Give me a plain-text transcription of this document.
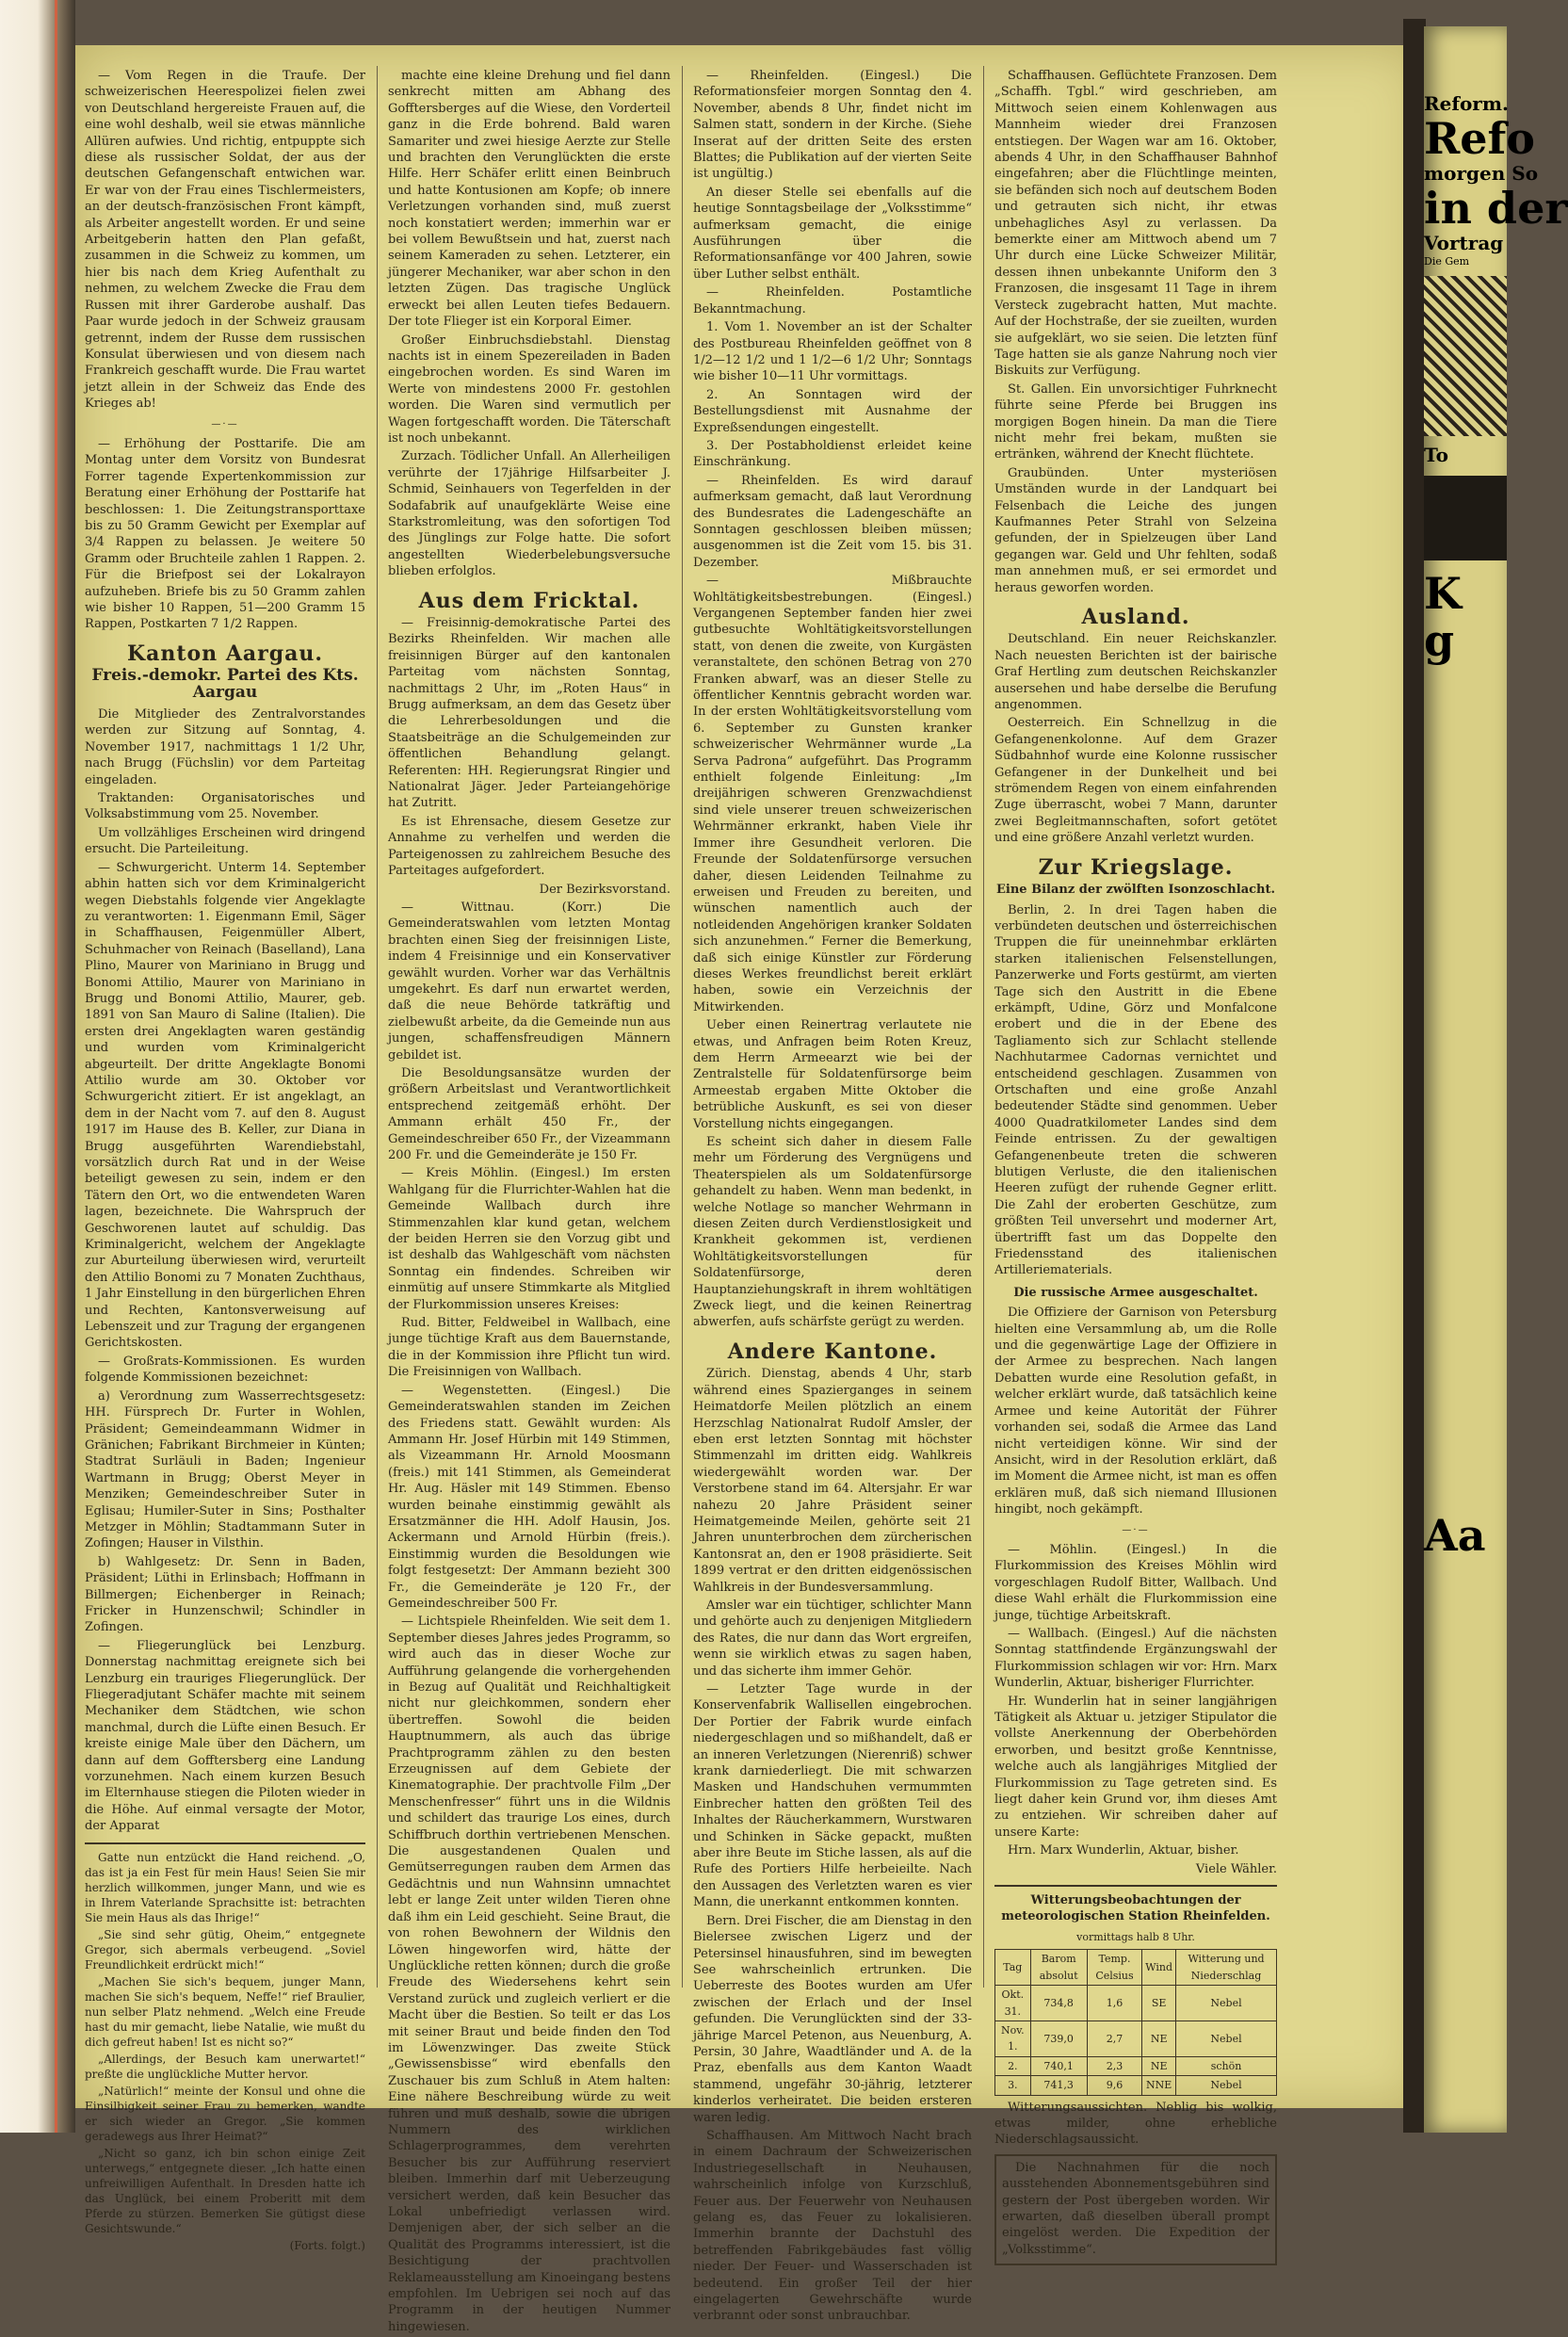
— Vom Regen in die Traufe. Der schweizerischen Heerespolizei fielen zwei von Deutschland hergereiste Frauen auf, die eine wohl deshalb, weil sie etwas männliche Allüren aufwies. Und richtig, entpuppte sich diese als russischer Soldat, der aus der deutschen Gefangenschaft entwichen war. Er war von der Frau eines Tischlermeisters, an der deutsch-französischen Front kämpft, als Arbeiter angestellt worden. Er und seine Arbeitgeberin hatten den Plan gefaßt, zusammen in die Schweiz zu kommen, um hier bis nach dem Krieg Aufenthalt zu nehmen, zu welchem Zwecke die Frau dem Russen mit ihrer Garderobe aushalf. Das Paar wurde jedoch in der Schweiz grausam getrennt, indem der Russe dem russischen Konsulat überwiesen und von diesem nach Frankreich geschafft wurde. Die Frau wartet jetzt allein in der Schweiz das Ende des Krieges ab!

—·—

— Erhöhung der Posttarife. Die am Montag unter dem Vorsitz von Bundesrat Forrer tagende Expertenkommission zur Beratung einer Erhöhung der Posttarife hat beschlossen: 1. Die Zeitungstransporttaxe bis zu 50 Gramm Gewicht per Exemplar auf 3/4 Rappen zu belassen. Je weitere 50 Gramm oder Bruchteile zahlen 1 Rappen. 2. Für die Briefpost sei der Lokalrayon aufzuheben. Briefe bis zu 50 Gramm zahlen wie bisher 10 Rappen, 51—200 Gramm 15 Rappen, Postkarten 7 1/2 Rappen.

Kanton Aargau.
Freis.-demokr. Partei des Kts. Aargau

Die Mitglieder des Zentralvorstandes werden zur Sitzung auf Sonntag, 4. November 1917, nachmittags 1 1/2 Uhr, nach Brugg (Füchslin) vor dem Parteitag eingeladen.

Traktanden: Organisatorisches und Volksabstimmung vom 25. November.

Um vollzähliges Erscheinen wird dringend ersucht. Die Parteileitung.

— Schwurgericht. Unterm 14. September abhin hatten sich vor dem Kriminalgericht wegen Diebstahls folgende vier Angeklagte zu verantworten: 1. Eigenmann Emil, Säger in Schaffhausen, Feigenmüller Albert, Schuhmacher von Reinach (Baselland), Lana Plino, Maurer von Mariniano in Brugg und Bonomi Attilio, Maurer von Mariniano in Brugg und Bonomi Attilio, Maurer, geb. 1891 von San Mauro di Saline (Italien). Die ersten drei Angeklagten waren geständig und wurden vom Kriminalgericht abgeurteilt. Der dritte Angeklagte Bonomi Attilio wurde am 30. Oktober vor Schwurgericht zitiert. Er ist angeklagt, an dem in der Nacht vom 7. auf den 8. August 1917 im Hause des B. Keller, zur Diana in Brugg ausgeführten Warendiebstahl, vorsätzlich durch Rat und in der Weise beteiligt gewesen zu sein, indem er den Tätern den Ort, wo die entwendeten Waren lagen, bezeichnete. Die Wahrspruch der Geschworenen lautet auf schuldig. Das Kriminalgericht, welchem der Angeklagte zur Aburteilung überwiesen wird, verurteilt den Attilio Bonomi zu 7 Monaten Zuchthaus, 1 Jahr Einstellung in den bürgerlichen Ehren und Rechten, Kantonsverweisung auf Lebenszeit und zur Tragung der ergangenen Gerichtskosten.

— Großrats-Kommissionen. Es wurden folgende Kommissionen bezeichnet:

a) Verordnung zum Wasserrechtsgesetz: HH. Fürsprech Dr. Furter in Wohlen, Präsident; Gemeindeammann Widmer in Gränichen; Fabrikant Birchmeier in Künten; Stadtrat Surläuli in Baden; Ingenieur Wartmann in Brugg; Oberst Meyer in Menziken; Gemeindeschreiber Suter in Eglisau; Humiler-Suter in Sins; Posthalter Metzger in Möhlin; Stadtammann Suter in Zofingen; Hauser in Vilsthin.

b) Wahlgesetz: Dr. Senn in Baden, Präsident; Lüthi in Erlinsbach; Hoffmann in Billmergen; Eichenberger in Reinach; Fricker in Hunzenschwil; Schindler in Zofingen.

— Fliegerunglück bei Lenzburg. Donnerstag nachmittag ereignete sich bei Lenzburg ein trauriges Fliegerunglück. Der Fliegeradjutant Schäfer machte mit seinem Mechaniker dem Städtchen, wie schon manchmal, durch die Lüfte einen Besuch. Er kreiste einige Male über den Dächern, um dann auf dem Gofftersberg eine Landung vorzunehmen. Nach einem kurzen Besuch im Elternhause stiegen die Piloten wieder in die Höhe. Auf einmal versagte der Motor, der Apparat

Gatte nun entzückt die Hand reichend. „O, das ist ja ein Fest für mein Haus! Seien Sie mir herzlich willkommen, junger Mann, und wie es in Ihrem Vaterlande Sprachsitte ist: betrachten Sie mein Haus als das Ihrige!“

„Sie sind sehr gütig, Oheim,“ entgegnete Gregor, sich abermals verbeugend. „Soviel Freundlichkeit erdrückt mich!“

„Machen Sie sich's bequem, junger Mann, machen Sie sich's bequem, Neffe!“ rief Braulier, nun selber Platz nehmend. „Welch eine Freude hast du mir gemacht, liebe Natalie, wie mußt du dich gefreut haben! Ist es nicht so?“

„Allerdings, der Besuch kam unerwartet!“ preßte die unglückliche Mutter hervor.

„Natürlich!“ meinte der Konsul und ohne die Einsilbigkeit seiner Frau zu bemerken, wandte er sich wieder an Gregor. „Sie kommen geradewegs aus Ihrer Heimat?“

„Nicht so ganz, ich bin schon einige Zeit unterwegs,“ entgegnete dieser. „Ich hatte einen unfreiwilligen Aufenthalt. In Dresden hatte ich das Unglück, bei einem Proberitt mit dem Pferde zu stürzen. Bemerken Sie gütigst diese Gesichtswunde.“

(Forts. folgt.)

machte eine kleine Drehung und fiel dann senkrecht mitten am Abhang des Gofftersberges auf die Wiese, den Vorderteil ganz in die Erde bohrend. Bald waren Samariter und zwei hiesige Aerzte zur Stelle und brachten den Verunglückten die erste Hilfe. Herr Schäfer erlitt einen Beinbruch und hatte Kontusionen am Kopfe; ob innere Verletzungen vorhanden sind, muß zuerst noch konstatiert werden; immerhin war er bei vollem Bewußtsein und hat, zuerst nach seinem Kameraden zu sehen. Letzterer, ein jüngerer Mechaniker, war aber schon in den letzten Zügen. Das tragische Unglück erweckt bei allen Leuten tiefes Bedauern. Der tote Flieger ist ein Korporal Eimer.

Großer Einbruchsdiebstahl. Dienstag nachts ist in einem Spezereiladen in Baden eingebrochen worden. Es sind Waren im Werte von mindestens 2000 Fr. gestohlen worden. Die Waren sind vermutlich per Wagen fortgeschafft worden. Die Täterschaft ist noch unbekannt.

Zurzach. Tödlicher Unfall. An Allerheiligen verührte der 17jährige Hilfsarbeiter J. Schmid, Seinhauers von Tegerfelden in der Sodafabrik auf unaufgeklärte Weise eine Starkstromleitung, was den sofortigen Tod des Jünglings zur Folge hatte. Die sofort angestellten Wiederbelebungsversuche blieben erfolglos.

Aus dem Fricktal.

— Freisinnig-demokratische Partei des Bezirks Rheinfelden. Wir machen alle freisinnigen Bürger auf den kantonalen Parteitag vom nächsten Sonntag, nachmittags 2 Uhr, im „Roten Haus“ in Brugg aufmerksam, an dem das Gesetz über die Lehrerbesoldungen und die Staatsbeiträge an die Schulgemeinden zur öffentlichen Behandlung gelangt. Referenten: HH. Regierungsrat Ringier und Nationalrat Jäger. Jeder Parteiangehörige hat Zutritt.

Es ist Ehrensache, diesem Gesetze zur Annahme zu verhelfen und werden die Parteigenossen zu zahlreichem Besuche des Parteitages aufgefordert.

Der Bezirksvorstand.

— Wittnau. (Korr.) Die Gemeinderatswahlen vom letzten Montag brachten einen Sieg der freisinnigen Liste, indem 4 Freisinnige und ein Konservativer gewählt wurden. Vorher war das Verhältnis umgekehrt. Es darf nun erwartet werden, daß die neue Behörde tatkräftig und zielbewußt arbeite, da die Gemeinde nun aus jungen, schaffensfreudigen Männern gebildet ist.

Die Besoldungsansätze wurden der größern Arbeitslast und Verantwortlichkeit entsprechend zeitgemäß erhöht. Der Ammann erhält 450 Fr., der Gemeindeschreiber 650 Fr., der Vizeammann 200 Fr. und die Gemeinderäte je 150 Fr.

— Kreis Möhlin. (Eingesl.) Im ersten Wahlgang für die Flurrichter-Wahlen hat die Gemeinde Wallbach durch ihre Stimmenzahlen klar kund getan, welchem der beiden Herren sie den Vorzug gibt und ist deshalb das Wahlgeschäft vom nächsten Sonntag ein findendes. Schreiben wir einmütig auf unsere Stimmkarte als Mitglied der Flurkommission unseres Kreises:

Rud. Bitter, Feldweibel in Wallbach, eine junge tüchtige Kraft aus dem Bauernstande, die in der Kommission ihre Pflicht tun wird. Die Freisinnigen von Wallbach.

— Wegenstetten. (Eingesl.) Die Gemeinderatswahlen standen im Zeichen des Friedens statt. Gewählt wurden: Als Ammann Hr. Josef Hürbin mit 149 Stimmen, als Vizeammann Hr. Arnold Moosmann (freis.) mit 141 Stimmen, als Gemeinderat Hr. Aug. Häsler mit 149 Stimmen. Ebenso wurden beinahe einstimmig gewählt als Ersatzmänner die HH. Adolf Hausin, Jos. Ackermann und Arnold Hürbin (freis.). Einstimmig wurden die Besoldungen wie folgt festgesetzt: Der Ammann bezieht 300 Fr., die Gemeinderäte je 120 Fr., der Gemeindeschreiber 500 Fr.

— Lichtspiele Rheinfelden. Wie seit dem 1. September dieses Jahres jedes Programm, so wird auch das in dieser Woche zur Aufführung gelangende die vorhergehenden in Bezug auf Qualität und Reichhaltigkeit nicht nur gleichkommen, sondern eher übertreffen. Sowohl die beiden Hauptnummern, als auch das übrige Prachtprogramm zählen zu den besten Erzeugnissen auf dem Gebiete der Kinematographie. Der prachtvolle Film „Der Menschenfresser“ führt uns in die Wildnis und schildert das traurige Los eines, durch Schiffbruch dorthin vertriebenen Menschen. Die ausgestandenen Qualen und Gemütserregungen rauben dem Armen das Gedächtnis und nun Wahnsinn umnachtet lebt er lange Zeit unter wilden Tieren ohne daß ihm ein Leid geschieht. Seine Braut, die von rohen Bewohnern der Wildnis den Löwen hingeworfen wird, hätte der Unglückliche retten können; durch die große Freude des Wiedersehens kehrt sein Verstand zurück und zugleich verliert er die Macht über die Bestien. So teilt er das Los mit seiner Braut und beide finden den Tod im Löwenzwinger. Das zweite Stück „Gewissensbisse“ wird ebenfalls den Zuschauer bis zum Schluß in Atem halten: Eine nähere Beschreibung würde zu weit führen und muß deshalb, sowie die übrigen Nummern des wirklichen Schlagerprogrammes, dem verehrten Besucher bis zur Aufführung reserviert bleiben. Immerhin darf mit Ueberzeugung versichert werden, daß kein Besucher das Lokal unbefriedigt verlassen wird. Demjenigen aber, der sich selber an die Qualität des Programms interessiert, ist die Besichtigung der prachtvollen Reklameausstellung am Kinoeingang bestens empfohlen. Im Uebrigen sei noch auf das Programm in der heutigen Nummer hingewiesen.

— Rheinfelden. (Eingesl.) Die Reformationsfeier morgen Sonntag den 4. November, abends 8 Uhr, findet nicht im Salmen statt, sondern in der Kirche. (Siehe Inserat auf der dritten Seite des ersten Blattes; die Publikation auf der vierten Seite ist ungültig.)

An dieser Stelle sei ebenfalls auf die heutige Sonntagsbeilage der „Volksstimme“ aufmerksam gemacht, die einige Ausführungen über die Reformationsanfänge vor 400 Jahren, sowie über Luther selbst enthält.

— Rheinfelden. Postamtliche Bekanntmachung.

1. Vom 1. November an ist der Schalter des Postbureau Rheinfelden geöffnet von 8 1/2—12 1/2 und 1 1/2—6 1/2 Uhr; Sonntags wie bisher 10—11 Uhr vormittags.

2. An Sonntagen wird der Bestellungsdienst mit Ausnahme der Expreßsendungen eingestellt.

3. Der Postabholdienst erleidet keine Einschränkung.

— Rheinfelden. Es wird darauf aufmerksam gemacht, daß laut Verordnung des Bundesrates die Ladengeschäfte an Sonntagen geschlossen bleiben müssen; ausgenommen ist die Zeit vom 15. bis 31. Dezember.

— Mißbrauchte Wohltätigkeitsbestrebungen. (Eingesl.) Vergangenen September fanden hier zwei gutbesuchte Wohltätigkeitsvorstellungen statt, von denen die zweite, von Kurgästen veranstaltete, den schönen Betrag von 270 Franken abwarf, was an dieser Stelle zu öffentlicher Kenntnis gebracht worden war. In der ersten Wohltätigkeitsvorstellung vom 6. September zu Gunsten kranker schweizerischer Wehrmänner wurde „La Serva Padrona“ aufgeführt. Das Programm enthielt folgende Einleitung: „Im dreijährigen schweren Grenzwachdienst sind viele unserer treuen schweizerischen Wehrmänner erkrankt, haben Viele ihr Immer ihre Gesundheit verloren. Die Freunde der Soldatenfürsorge versuchen daher, diesen Leidenden Teilnahme zu erweisen und Freuden zu bereiten, und wünschen namentlich auch der notleidenden Angehörigen kranker Soldaten sich anzunehmen.“ Ferner die Bemerkung, daß sich einige Künstler zur Förderung dieses Werkes freundlichst bereit erklärt haben, sowie ein Verzeichnis der Mitwirkenden.

Ueber einen Reinertrag verlautete nie etwas, und Anfragen beim Roten Kreuz, dem Herrn Armeearzt wie bei der Zentralstelle für Soldatenfürsorge beim Armeestab ergaben Mitte Oktober die betrübliche Auskunft, es sei von dieser Vorstellung nichts eingegangen.

Es scheint sich daher in diesem Falle mehr um Förderung des Vergnügens und Theaterspielen als um Soldatenfürsorge gehandelt zu haben. Wenn man bedenkt, in welche Notlage so mancher Wehrmann in diesen Zeiten durch Verdienstlosigkeit und Krankheit gekommen ist, verdienen Wohltätigkeitsvorstellungen für Soldatenfürsorge, deren Hauptanziehungskraft in ihrem wohltätigen Zweck liegt, und die keinen Reinertrag abwerfen, aufs schärfste gerügt zu werden.

Andere Kantone.

Zürich. Dienstag, abends 4 Uhr, starb während eines Spazierganges in seinem Heimatdorfe Meilen plötzlich an einem Herzschlag Nationalrat Rudolf Amsler, der eben erst letzten Sonntag mit höchster Stimmenzahl im dritten eidg. Wahlkreis wiedergewählt worden war. Der Verstorbene stand im 64. Altersjahr. Er war nahezu 20 Jahre Präsident seiner Heimatgemeinde Meilen, gehörte seit 21 Jahren ununterbrochen dem zürcherischen Kantonsrat an, den er 1908 präsidierte. Seit 1899 vertrat er den dritten eidgenössischen Wahlkreis in der Bundesversammlung.

Amsler war ein tüchtiger, schlichter Mann und gehörte auch zu denjenigen Mitgliedern des Rates, die nur dann das Wort ergreifen, wenn sie wirklich etwas zu sagen haben, und das sicherte ihm immer Gehör.

— Letzter Tage wurde in der Konservenfabrik Wallisellen eingebrochen. Der Portier der Fabrik wurde einfach niedergeschlagen und so mißhandelt, daß er an inneren Verletzungen (Nierenriß) schwer krank darniederliegt. Die mit schwarzen Masken und Handschuhen vermummten Einbrecher hatten den größten Teil des Inhaltes der Räucherkammern, Wurstwaren und Schinken in Säcke gepackt, mußten aber ihre Beute im Stiche lassen, als auf die Rufe des Portiers Hilfe herbeieilte. Nach den Aussagen des Verletzten waren es vier Mann, die unerkannt entkommen konnten.

Bern. Drei Fischer, die am Dienstag in den Bielersee zwischen Ligerz und der Petersinsel hinausfuhren, sind im bewegten See wahrscheinlich ertrunken. Die Ueberreste des Bootes wurden am Ufer zwischen der Erlach und der Insel gefunden. Die Verunglückten sind der 33-jährige Marcel Petenon, aus Neuenburg, A. Persin, 30 Jahre, Waadtländer und A. de la Praz, ebenfalls aus dem Kanton Waadt stammend, ungefähr 30-jährig, letzterer kinderlos verheiratet. Die beiden ersteren waren ledig.

Schaffhausen. Am Mittwoch Nacht brach in einem Dachraum der Schweizerischen Industriegesellschaft in Neuhausen, wahrscheinlich infolge von Kurzschluß, Feuer aus. Der Feuerwehr von Neuhausen gelang es, das Feuer zu lokalisieren. Immerhin brannte der Dachstuhl des betreffenden Fabrikgebäudes fast völlig nieder. Der Feuer- und Wasserschaden ist bedeutend. Ein großer Teil der hier eingelagerten Gewehrschäfte wurde verbrannt oder sonst unbrauchbar.

Schaffhausen. Geflüchtete Franzosen. Dem „Schaffh. Tgbl.“ wird geschrieben, am Mittwoch seien einem Kohlenwagen aus Mannheim wieder drei Franzosen entstiegen. Der Wagen war am 16. Oktober, abends 4 Uhr, in den Schaffhauser Bahnhof eingefahren; aber die Flüchtlinge meinten, sie befänden sich noch auf deutschem Boden und getrauten sich nicht, ihr etwas unbehagliches Asyl zu verlassen. Da bemerkte einer am Mittwoch abend um 7 Uhr durch eine Lücke Schweizer Militär, dessen ihnen unbekannte Uniform den 3 Franzosen, die insgesamt 11 Tage in ihrem Versteck zugebracht hatten, Mut machte. Auf der Hochstraße, der sie zueilten, wurden sie aufgeklärt, wo sie seien. Die letzten fünf Tage hatten sie als ganze Nahrung noch vier Biskuits zur Verfügung.

St. Gallen. Ein unvorsichtiger Fuhrknecht führte seine Pferde bei Bruggen ins morgigen Bogen hinein. Da man die Tiere nicht mehr frei bekam, mußten sie ertränken, während der Knecht flüchtete.

Graubünden. Unter mysteriösen Umständen wurde in der Landquart bei Felsenbach die Leiche des jungen Kaufmannes Peter Strahl von Selzeina gefunden, der in Spielzeugen über Land gegangen war. Geld und Uhr fehlten, sodaß man annehmen muß, er sei ermordet und heraus geworfen worden.

Ausland.

Deutschland. Ein neuer Reichskanzler. Nach neuesten Berichten ist der bairische Graf Hertling zum deutschen Reichskanzler ausersehen und habe derselbe die Berufung angenommen.

Oesterreich. Ein Schnellzug in die Gefangenenkolonne. Auf dem Grazer Südbahnhof wurde eine Kolonne russischer Gefangener in der Dunkelheit und bei strömendem Regen von einem einfahrenden Zuge überrascht, wobei 7 Mann, darunter zwei Begleitmannschaften, sofort getötet und eine größere Anzahl verletzt wurden.

Zur Kriegslage.
Eine Bilanz der zwölften Isonzoschlacht.

Berlin, 2. In drei Tagen haben die verbündeten deutschen und österreichischen Truppen die für uneinnehmbar erklärten starken italienischen Felsenstellungen, Panzerwerke und Forts gestürmt, am vierten Tage sich den Austritt in die Ebene erkämpft, Udine, Görz und Monfalcone erobert und die in der Ebene des Tagliamento sich zur Schlacht stellende Nachhutarmee Cadornas vernichtet und entscheidend geschlagen. Zusammen von Ortschaften und eine große Anzahl bedeutender Städte sind genommen. Ueber 4000 Quadratkilometer Landes sind dem Feinde entrissen. Zu der gewaltigen Gefangenenbeute treten die schweren blutigen Verluste, die den italienischen Heeren zufügt der ruhende Gegner erlitt. Die Zahl der eroberten Geschütze, zum größten Teil unversehrt und moderner Art, übertrifft fast um das Doppelte den Friedensstand des italienischen Artilleriematerials.

Die russische Armee ausgeschaltet.

Die Offiziere der Garnison von Petersburg hielten eine Versammlung ab, um die Rolle und die gegenwärtige Lage der Offiziere in der Armee zu besprechen. Nach langen Debatten wurde eine Resolution gefaßt, in welcher erklärt wurde, daß tatsächlich keine Armee und keine Autorität der Führer vorhanden sei, sodaß die Armee das Land nicht verteidigen könne. Wir sind der Ansicht, wird in der Resolution erklärt, daß im Moment die Armee nicht, ist man es offen erklären muß, daß sich niemand Illusionen hingibt, noch gekämpft.

—·—

— Möhlin. (Eingesl.) In die Flurkommission des Kreises Möhlin wird vorgeschlagen Rudolf Bitter, Wallbach. Und diese Wahl erhält die Flurkommission eine junge, tüchtige Arbeitskraft.

— Wallbach. (Eingesl.) Auf die nächsten Sonntag stattfindende Ergänzungswahl der Flurkommission schlagen wir vor: Hrn. Marx Wunderlin, Aktuar, bisheriger Flurrichter.

Hr. Wunderlin hat in seiner langjährigen Tätigkeit als Aktuar u. jetziger Stipulator die vollste Anerkennung der Oberbehörden erworben, und besitzt große Kenntnisse, welche auch als langjähriges Mitglied der Flurkommission zu Tage getreten sind. Es liegt daher kein Grund vor, ihm dieses Amt zu entziehen. Wir schreiben daher auf unsere Karte:

Hrn. Marx Wunderlin, Aktuar, bisher.

Viele Wähler.

Witterungsbeobachtungen der meteorologischen Station Rheinfelden.
vormittags halb 8 Uhr.
Tag	Barom absolut	Temp. Celsius	Wind	Witterung und Niederschlag
Okt. 31.	734,8	1,6	SE	Nebel
Nov. 1.	739,0	2,7	NE	Nebel
2.	740,1	2,3	NE	schön
3.	741,3	9,6	NNE	Nebel

Witterungsaussichten. Neblig bis wolkig, etwas milder, ohne erhebliche Niederschlagsaussicht.

Die Nachnahmen für die noch ausstehenden Abonnementsgebühren sind gestern der Post übergeben worden. Wir erwarten, daß dieselben überall prompt eingelöst werden. Die Expedition der „Volksstimme“.

Reform.
Refo
morgen So
in der
Vortrag
Die Gem
To
K
g
Aa
